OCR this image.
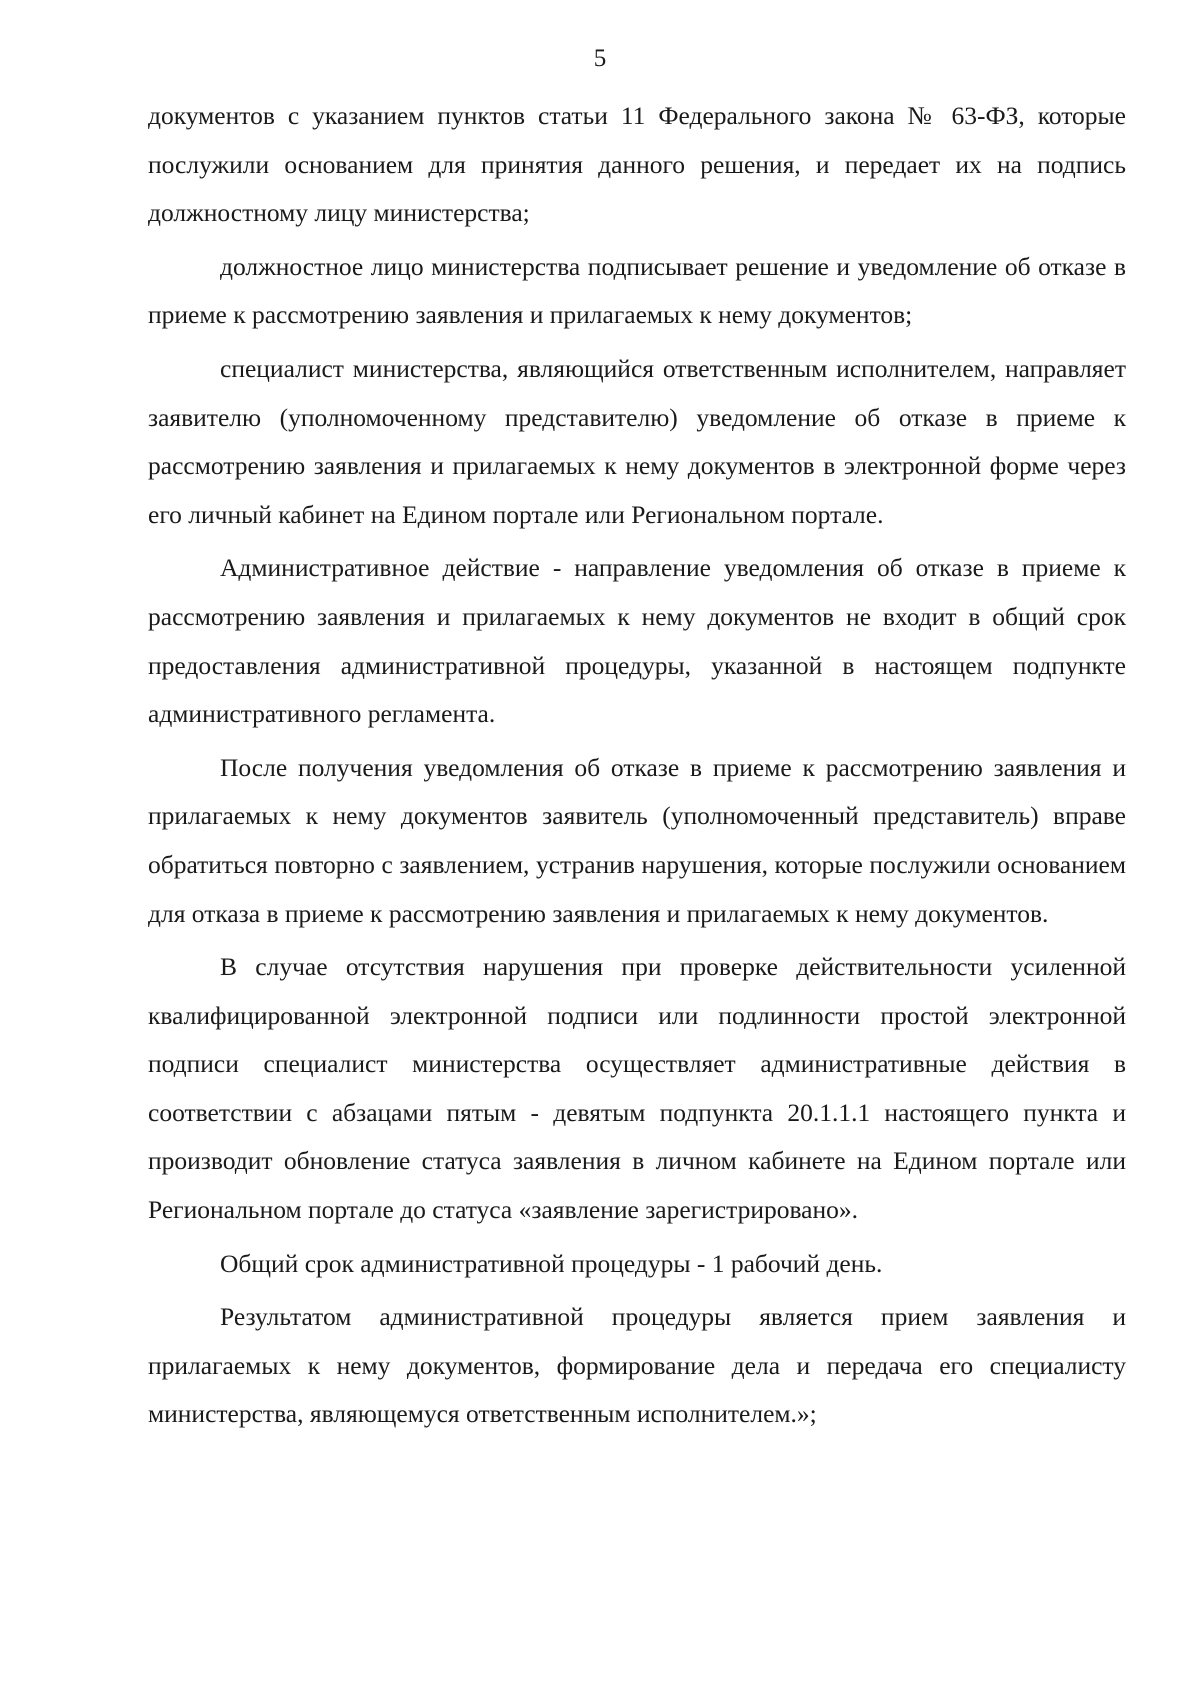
5

документов с указанием пунктов статьи 11 Федерального закона № 63-ФЗ, которые послужили основанием для принятия данного решения, и передает их на подпись должностному лицу министерства;

должностное лицо министерства подписывает решение и уведомление об отказе в приеме к рассмотрению заявления и прилагаемых к нему документов;

специалист министерства, являющийся ответственным исполнителем, направляет заявителю (уполномоченному представителю) уведомление об отказе в приеме к рассмотрению заявления и прилагаемых к нему документов в электронной форме через его личный кабинет на Едином портале или Региональном портале.

Административное действие - направление уведомления об отказе в приеме к рассмотрению заявления и прилагаемых к нему документов не входит в общий срок предоставления административной процедуры, указанной в настоящем подпункте административного регламента.

После получения уведомления об отказе в приеме к рассмотрению заявления и прилагаемых к нему документов заявитель (уполномоченный представитель) вправе обратиться повторно с заявлением, устранив нарушения, которые послужили основанием для отказа в приеме к рассмотрению заявления и прилагаемых к нему документов.

В случае отсутствия нарушения при проверке действительности усиленной квалифицированной электронной подписи или подлинности простой электронной подписи специалист министерства осуществляет административные действия в соответствии с абзацами пятым - девятым подпункта 20.1.1.1 настоящего пункта и производит обновление статуса заявления в личном кабинете на Едином портале или Региональном портале до статуса «заявление зарегистрировано».

Общий срок административной процедуры - 1 рабочий день.

Результатом административной процедуры является прием заявления и прилагаемых к нему документов, формирование дела и передача его специалисту министерства, являющемуся ответственным исполнителем.»;
